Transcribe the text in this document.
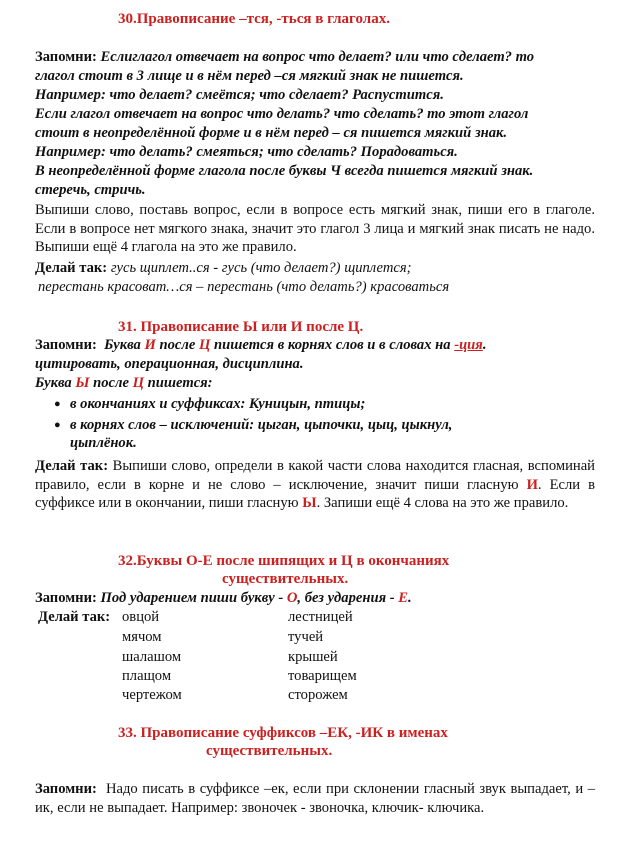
30.Правописание –тся, -ться в глаголах.
Запомни: Еслиглагол отвечает на вопрос что делает? или что сделает? то
глагол стоит в 3 лище и в нём перед –ся мягкий знак не пишется.
Например: что делает? смеётся; что сделает? Распустится.
Если глагол отвечает на вопрос что делать? что сделать? то этот глагол
стоит в неопределённой форме и в нём перед – ся пишется мягкий знак.
Например: что делать? смеяться; что сделать? Порадоваться.
В неопределённой форме глагола после буквы Ч всегда пишется мягкий знак.
стеречь, стричь.
Выпиши слово, поставь вопрос, если в вопросе есть мягкий знак, пиши его в глаголе. Если в вопросе нет мягкого знака, значит это глагол 3 лица и мягкий знак писать не надо. Выпиши ещё 4 глагола на это же правило.
Делай так: гусь щиплет..ся - гусь (что делает?) щиплется;
перестань красоват…ся – перестань (что делать?) красоваться
31. Правописание Ы или И после Ц.
Запомни: Буква И после Ц пишется в корнях слов и в словах на -ция.
цитировать, операционная, дисциплина.
Буква Ы после Ц пишется:
● в окончаниях и суффиксах: Куницын, птицы;
● в корнях слов – исключений: цыган, цыпочки, цыц, цыкнул,
цыплёнок.
Делай так: Выпиши слово, определи в какой части слова находится гласная, вспоминай правило, если в корне и не слово – исключение, значит пиши гласную И. Если в суффиксе или в окончании, пиши гласную Ы. Запиши ещё 4 слова на это же правило.
32.Буквы О-Е после шипящих и Ц в окончаниях
существительных.
Запомни: Под ударением пиши букву - О, без ударения - Е.
Делай так: овцой
мячом
шалашом
плащом
чертежом
лестницей
тучей
крышей
товарищем
сторожем
33. Правописание суффиксов –ЕК, -ИК в именах
существительных.
Запомни: Надо писать в суффиксе –ек, если при склонении гласный звук выпадает, и –ик, если не выпадает. Например: звоночек - звоночка, ключик- ключика.
